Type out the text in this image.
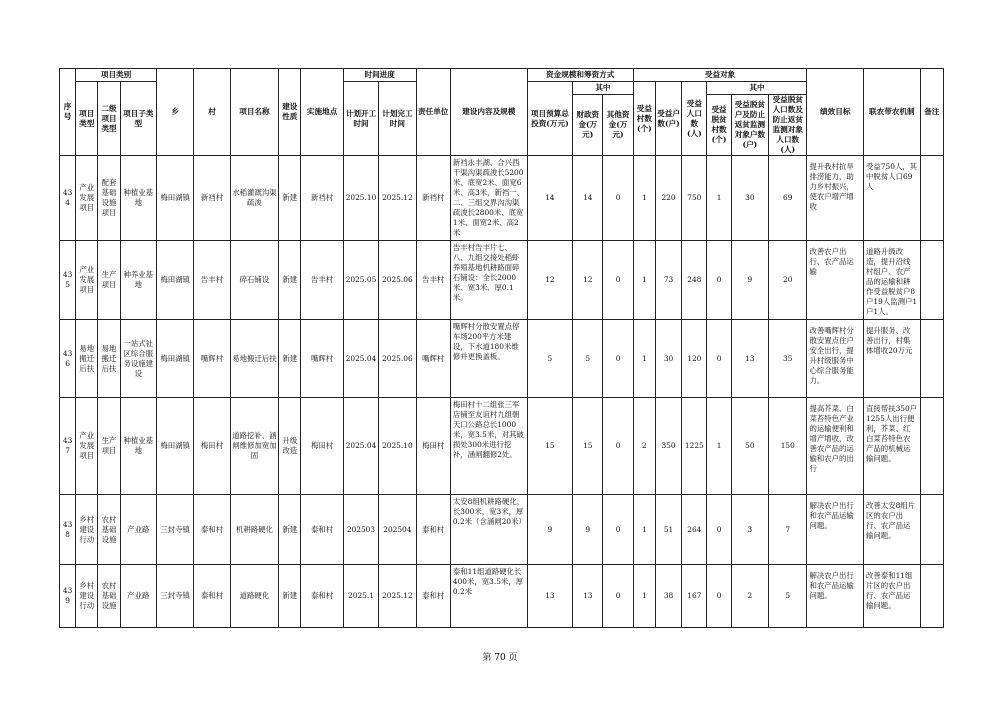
序号	项目类别			乡	村	项目名称	建设性质	实施地点	时间进度		责任单位	建设内容及规模	资金规模和筹资方式			受益对象						绩效目标	联农带农机制	备注
	项目类型	二级项目类型	项目子类型						计划开工时间	计划完工时间			项目预算总投资(万元)	其中		受益村数(个)	受益户数(户)	受益人口数(人)	其中					
														财政资金(万元)	其他资金(万元)				受益脱贫村数(个)	受益脱贫户及防止返贫监测对象户数(户)	受益脱贫人口数及防止返贫监测对象人口数(人)			
434	产业发展项目	配套基础设施项目	种植业基地	梅田湖镇	新裆村	水稻灌溉沟渠疏浚	新建	新裆村	2025.10	2025.12	新裆村	新裆永丰湖、合兴西干渠沟渠疏浚长5200米、底宽2米、面宽6米、高3米，新裆一、二、三组交界沟沟渠疏浚长2800米、底宽1米、面宽2米、高2米	14	14	0	1	220	750	1	30	69	提升我村抗旱排涝能力，助力乡村振兴，使农户增产增收	受益750人，其中脱贫人口69人	
435	产业发展项目	生产项目	种养业基地	梅田湖镇	告丰村	碎石铺设	新建	告丰村	2025.05	2025.06	告丰村	告丰村告丰片七、八、九组交接处稻虾养殖基地机耕路面碎石铺设：全长2000米、宽3米、厚0.1米。	12	12	0	1	73	248	0	9	20	改善农户出行、农产品运输	道路升级改造，提升沿线村组户、农产品的运输和耕作受益脱贫户8户19人监测户1户1人。	
436	易地搬迁后扶	易地搬迁后扶	一站式社区综合服务设施建设	梅田湖镇	嘴辉村	易地搬迁后扶	新建	嘴辉村	2025.04	2025.06	嘴辉村	嘴辉村分散安置点停车场200平方米建设，下水道180米维修并更换盖板。	5	5	0	1	30	120	0	13	35	改善嘴辉村分散安置点住户安全出行，提升村级服务中心综合服务能力。	提升服务、改善出行，村集体增收20万元	
437	产业发展项目	生产项目	种植业基地	梅田湖镇	梅田村	道路挖补、涵闸维修加宽加固	升级改造	梅田村	2025.04	2025.10	梅田村	梅田村十二组张三军店铺至友谊村九组朝天口公路总长1000米，宽3.5米，对其破损处300米进行挖补，涵闸翻修2处。	15	15	0	2	350	1225	1	50	150	提高芥菜、白菜苔特色产业的运输便利和增产增收，改善农产品的运输和农户的出行	直接帮扶350户1255人出行便利，芥菜、红白菜苔特色农产品的机械运输问题。	
438	乡村建设行动	农村基础设施	产业路	三封寺镇	泰和村	机耕路硬化	新建	泰和村	202503	202504	泰和村	太安8组机耕路硬化，长300米，宽3米，厚0.2米（含涵闸20米）	9	9	0	1	51	264	0	3	7	解决农户出行和农产品运输问题。	改善太安8组片区的农户出行、农产品运输问题。	
439	乡村建设行动	农村基础设施	产业路	三封寺镇	泰和村	道路硬化	新建	泰和村	2025.1	2025.12	泰和村	泰和11组道路硬化长400米，宽3.5米，厚0.2米	13	13	0	1	38	167	0	2	5	解决农户出行和农产品运输问题。	改善泰和11组片区的农户出行、农产品运输问题。	
第 70 页
